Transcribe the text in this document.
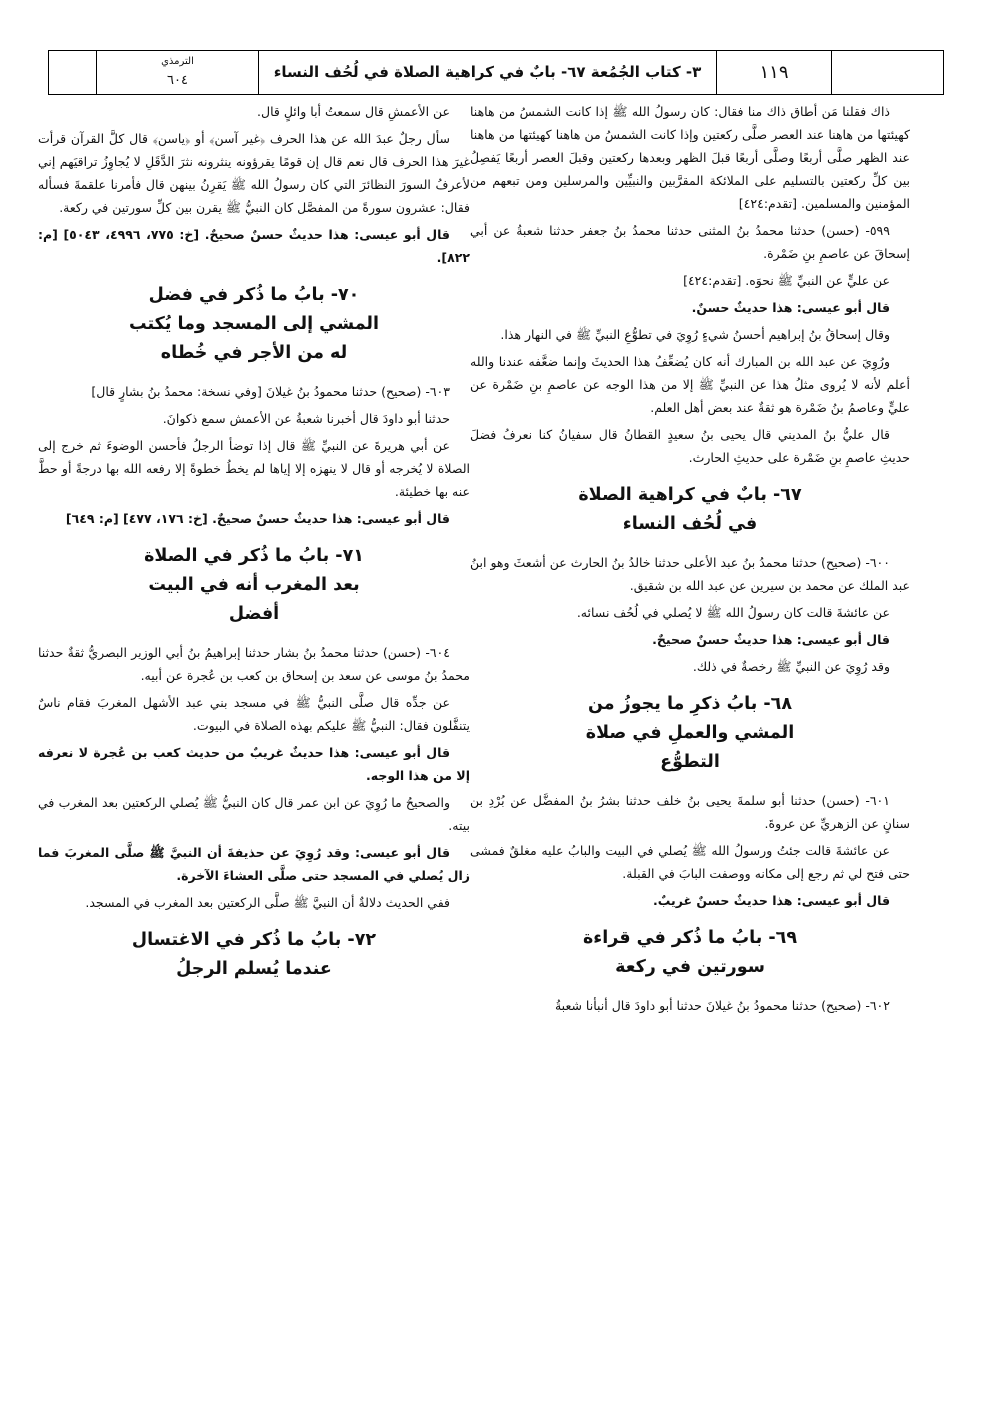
الترمذي
٦٠٤	٣- كتاب الجُمُعة ٦٧- بابٌ في كراهية الصلاة في لُحُف النساء	١١٩

ذاك فقلنا مَن أطاق ذاك منا فقال: كان رسولُ الله ﷺ إذا كانت الشمسُ من هاهنا كهيئتها من هاهنا عند العصر صلَّى ركعتين وإذا كانت الشمسُ من هاهنا كهيئتها من هاهنا عند الظهر صلَّى أربعًا وصلَّى أربعًا قبلَ الظهر وبعدها ركعتين وقبلَ العصر أربعًا يَفصِلُ بين كلِّ ركعتين بالتسليم على الملائكة المقرَّبين والنبيِّين والمرسلين ومن تبعهم من المؤمنين والمسلمين. [تقدم:٤٢٤]

٥٩٩- (حسن) حدثنا محمدُ بنُ المثنى حدثنا محمدُ بنُ جعفر حدثنا شعبةُ عن أبي إسحاقَ عن عاصمِ بنِ ضَمْرة.

عن عليٍّ عن النبيِّ ﷺ نحوَه. [تقدم:٤٢٤]

قال أبو عيسى: هذا حديثٌ حسنٌ.

وقال إسحاقُ بنُ إبراهيم أحسنُ شيءٍ رُوِيَ في تطوُّعِ النبيِّ ﷺ في النهار هذا.

ورُوِيَ عن عبد الله بن المبارك أنه كان يُضعِّفُ هذا الحديثَ وإنما ضعَّفه عندنا والله أعلم لأنه لا يُروى مثلُ هذا عن النبيِّ ﷺ إلا من هذا الوجه عن عاصمِ بنِ ضَمْرة عن عليٍّ وعاصمُ بنُ ضَمْرة هو ثقةٌ عند بعض أهل العلم.

قال عليُّ بنُ المديني قال يحيى بنُ سعيدٍ القطانُ قال سفيانُ كنا نعرفُ فضلَ حديثِ عاصمِ بنِ ضَمْرة على حديثِ الحارث.

٦٧- بابٌ في كراهية الصلاة
في لُحُف النساء

٦٠٠- (صحيح) حدثنا محمدُ بنُ عبد الأعلى حدثنا خالدُ بنُ الحارث عن أشعثَ وهو ابنُ عبد الملك عن محمد بن سيرين عن عبد الله بن شقيق.

عن عائشةَ قالت كان رسولُ الله ﷺ لا يُصلي في لُحُف نسائه.

قال أبو عيسى: هذا حديثٌ حسنٌ صحيحٌ.

وقد رُوِيَ عن النبيِّ ﷺ رخصةٌ في ذلك.

٦٨- بابُ ذكرِ ما يجوزُ من
المشي والعملِ في صلاة
التطوُّع

٦٠١- (حسن) حدثنا أبو سلمةَ يحيى بنُ خلف حدثنا بشرُ بنُ المفضَّل عن بُرْدِ بن سنانٍ عن الزهريِّ عن عروةَ.

عن عائشةَ قالت جئتُ ورسولُ الله ﷺ يُصلي في البيت والبابُ عليه مغلقٌ فمشى حتى فتح لي ثم رجع إلى مكانه ووصفت البابَ في القبلة.

قال أبو عيسى: هذا حديثٌ حسنٌ غريبٌ.

٦٩- بابُ ما ذُكر في قراءة
سورتين في ركعة

٦٠٢- (صحيح) حدثنا محمودُ بنُ غيلانَ حدثنا أبو داودَ قال أنبأنا شعبةُ

عن الأعمشِ قال سمعتُ أبا وائلٍ قال.

سأل رجلٌ عبدَ الله عن هذا الحرف ﴿غير آسن﴾ أو ﴿ياسن﴾ قال كلَّ القرآن قرأت غيرَ هذا الحرف قال نعم قال إن قومًا يقرؤونه ينثرونه نثرَ الدَّقَلِ لا يُجاوِزُ تراقيَهم إني لأعرفُ السورَ النظائرَ التي كان رسولُ الله ﷺ يَقرِنُ بينهن قال فأمرنا علقمةَ فسأله فقال: عشرون سورةً من المفصَّل كان النبيُّ ﷺ يقرن بين كلِّ سورتين في ركعة.

قال أبو عيسى: هذا حديثٌ حسنٌ صحيحٌ. [خ: ٧٧٥، ٤٩٩٦، ٥٠٤٣] [م: ٨٢٢].

٧٠- بابُ ما ذُكر في فضل
المشي إلى المسجد وما يُكتب
له من الأجر في خُطاه

٦٠٣- (صحيح) حدثنا محمودُ بنُ غيلانَ [وفي نسخة: محمدُ بنُ بشارٍ قال]

حدثنا أبو داودَ قال أخبرنا شعبةُ عن الأعمش سمع ذكوانَ.

عن أبي هريرةَ عن النبيِّ ﷺ قال إذا توضأ الرجلُ فأحسن الوضوءَ ثم خرج إلى الصلاة لا يُخرجه أو قال لا ينهزه إلا إياها لم يخطُ خطوةً إلا رفعه الله بها درجةً أو حطَّ عنه بها خطيئة.

قال أبو عيسى: هذا حديثٌ حسنٌ صحيحٌ. [خ: ١٧٦، ٤٧٧] [م: ٦٤٩]

٧١- بابُ ما ذُكر في الصلاة
بعد المغرب أنه في البيت
أفضل

٦٠٤- (حسن) حدثنا محمدُ بنُ بشار حدثنا إبراهيمُ بنُ أبي الوزير البصريُّ ثقةٌ حدثنا محمدُ بنُ موسى عن سعد بن إسحاق بن كعب بن عُجرة عن أبيه.

عن جدِّه قال صلَّى النبيُّ ﷺ في مسجد بني عبد الأشهل المغربَ فقام ناسٌ يتنفَّلون فقال: النبيُّ ﷺ عليكم بهذه الصلاة في البيوت.

قال أبو عيسى: هذا حديثٌ غريبٌ من حديث كعب بن عُجرة لا نعرفه إلا من هذا الوجه.

والصحيحُ ما رُوِيَ عن ابن عمر قال كان النبيُّ ﷺ يُصلي الركعتين بعد المغرب في بيته.

قال أبو عيسى: وقد رُوِيَ عن حذيفةَ أن النبيَّ ﷺ صلَّى المغربَ فما زال يُصلي في المسجد حتى صلَّى العشاءَ الآخرة.

ففي الحديث دلالةٌ أن النبيَّ ﷺ صلَّى الركعتين بعد المغرب في المسجد.

٧٢- بابُ ما ذُكر في الاغتسال
عندما يُسلم الرجلُ
